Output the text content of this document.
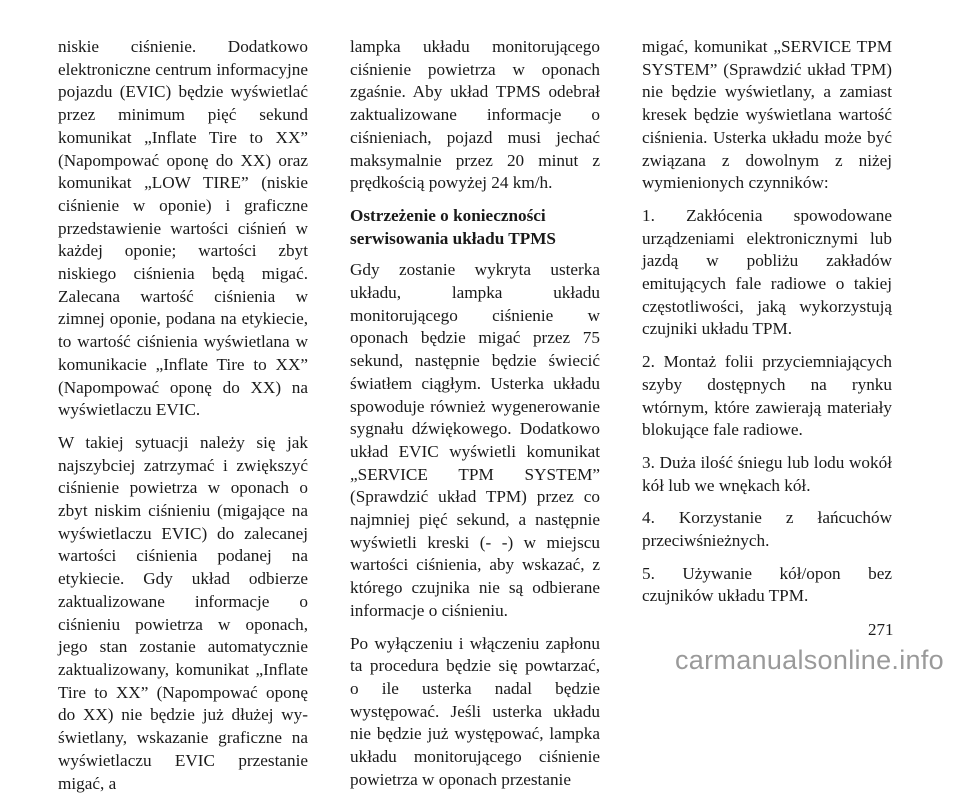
niskie ciśnienie. Dodatkowo elektroniczne centrum informacyjne pojazdu (EVIC) będzie wyświetlać przez minimum pięć sekund komunikat „Inflate Tire to XX” (Napompować oponę do XX) oraz komunikat „LOW TIRE” (niskie ciśnienie w oponie) i graficzne przedstawienie wartości ciśnień w każdej oponie; wartości zbyt niskiego ciśnienia będą migać. Zalecana wartość ciśnienia w zimnej oponie, podana na etykiecie, to wartość ciśnienia wyświetlana w komunikacie „Inflate Tire to XX” (Napompować oponę do XX) na wyświetlaczu EVIC.

W takiej sytuacji należy się jak najszybciej zatrzymać i zwiększyć ciśnienie powietrza w oponach o zbyt niskim ciśnieniu (migające na wyświetlaczu EVIC) do zalecanej wartości ciśnienia podanej na etykiecie. Gdy układ odbierze zaktualizowane informacje o ciśnieniu powietrza w oponach, jego stan zostanie automatycznie zaktualizowany, komunikat „Inflate Tire to XX” (Napompować oponę do XX) nie będzie już dłużej wyświetlany, wskazanie graficzne na wyświetlaczu EVIC przestanie migać, a

lampka układu monitorującego ciśnienie powietrza w oponach zgaśnie. Aby układ TPMS odebrał zaktualizowane informacje o ciśnieniach, pojazd musi jechać maksymalnie przez 20 minut z prędkością powyżej 24 km/h.

Ostrzeżenie o konieczności serwisowania układu TPMS

Gdy zostanie wykryta usterka układu, lampka układu monitorującego ciśnienie w oponach będzie migać przez 75 sekund, następnie będzie świecić światłem ciągłym. Usterka układu spowoduje również wygenerowanie sygnału dźwiękowego. Dodatkowo układ EVIC wyświetli komunikat „SERVICE TPM SYSTEM” (Sprawdzić układ TPM) przez co najmniej pięć sekund, a następnie wyświetli kreski (- -) w miejscu wartości ciśnienia, aby wskazać, z którego czujnika nie są odbierane informacje o ciśnieniu.

Po wyłączeniu i włączeniu zapłonu ta procedura będzie się powtarzać, o ile usterka nadal będzie występować. Jeśli usterka układu nie będzie już występować, lampka układu monitorującego ciśnienie powietrza w oponach przestanie

migać, komunikat „SERVICE TPM SYSTEM” (Sprawdzić układ TPM) nie będzie wyświetlany, a zamiast kresek będzie wyświetlana wartość ciśnienia. Usterka układu może być związana z dowolnym z niżej wymienionych czynników:

1. Zakłócenia spowodowane urządzeniami elektronicznymi lub jazdą w pobliżu zakładów emitujących fale radiowe o takiej częstotliwości, jaką wykorzystują czujniki układu TPM.

2. Montaż folii przyciemniających szyby dostępnych na rynku wtórnym, które zawierają materiały blokujące fale radiowe.

3. Duża ilość śniegu lub lodu wokół kół lub we wnękach kół.

4. Korzystanie z łańcuchów przeciwśnieżnych.

5. Używanie kół/opon bez czujników układu TPM.

271
carmanualsonline.info
